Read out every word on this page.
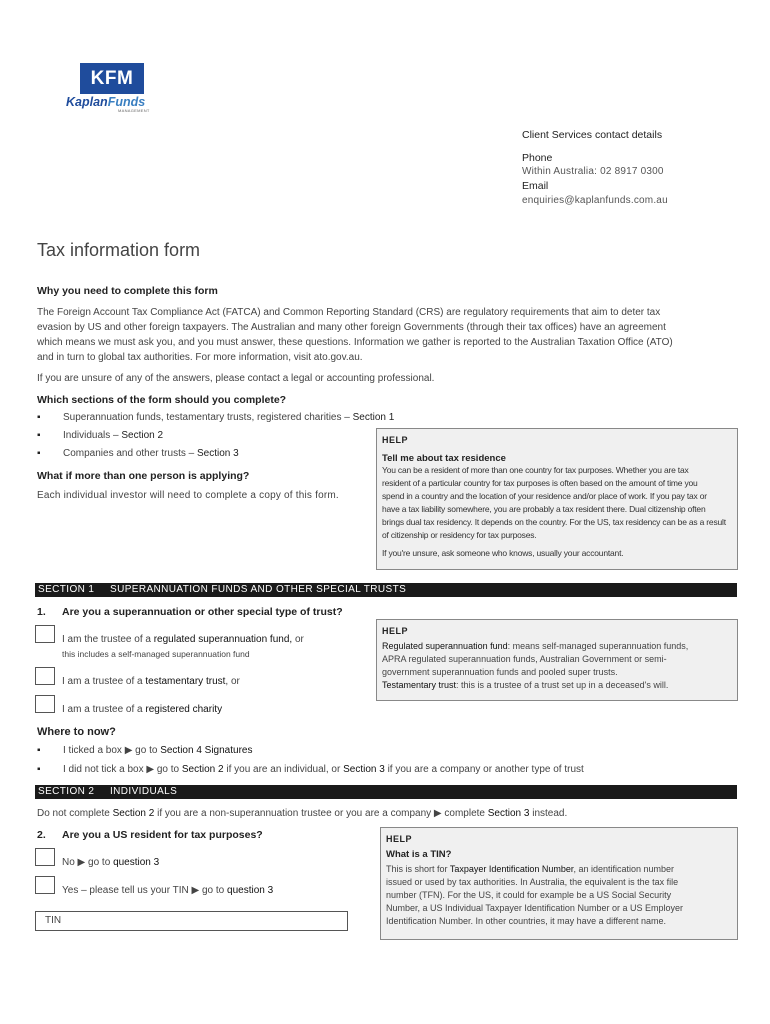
KFM
KaplanFunds
MANAGEMENT
Client Services contact details
Phone
Within Australia: 02 8917 0300
Email
enquiries@kaplanfunds.com.au
Tax information form
Why you need to complete this form
The Foreign Account Tax Compliance Act (FATCA) and Common Reporting Standard (CRS) are regulatory requirements that aim to deter tax
evasion by US and other foreign taxpayers. The Australian and many other foreign Governments (through their tax offices) have an agreement
which means we must ask you, and you must answer, these questions. Information we gather is reported to the Australian Taxation Office (ATO)
and in turn to global tax authorities. For more information, visit ato.gov.au.
If you are unsure of any of the answers, please contact a legal or accounting professional.
Which sections of the form should you complete?
▪ Superannuation funds, testamentary trusts, registered charities – Section 1
▪ Individuals – Section 2
▪ Companies and other trusts – Section 3
What if more than one person is applying?
Each individual investor will need to complete a copy of this form.
HELP
Tell me about tax residence
You can be a resident of more than one country for tax purposes. Whether you are tax
resident of a particular country for tax purposes is often based on the amount of time you
spend in a country and the location of your residence and/or place of work. If you pay tax or
have a tax liability somewhere, you are probably a tax resident there. Dual citizenship often
brings dual tax residency. It depends on the country. For the US, tax residency can be as a result
of citizenship or residency for tax purposes.
If you're unsure, ask someone who knows, usually your accountant.
SECTION 1 SUPERANNUATION FUNDS AND OTHER SPECIAL TRUSTS
1. Are you a superannuation or other special type of trust?
I am the trustee of a regulated superannuation fund, or
this includes a self-managed superannuation fund
I am a trustee of a testamentary trust, or
I am a trustee of a registered charity
HELP
Regulated superannuation fund: means self-managed superannuation funds,
APRA regulated superannuation funds, Australian Government or semi-
government superannuation funds and pooled super trusts.
Testamentary trust: this is a trustee of a trust set up in a deceased's will.
Where to now?
▪ I ticked a box ▶ go to Section 4 Signatures
▪ I did not tick a box ▶ go to Section 2 if you are an individual, or Section 3 if you are a company or another type of trust
SECTION 2 INDIVIDUALS
Do not complete Section 2 if you are a non-superannuation trustee or you are a company ▶ complete Section 3 instead.
2. Are you a US resident for tax purposes?
No ▶ go to question 3
Yes – please tell us your TIN ▶ go to question 3
TIN
HELP
What is a TIN?
This is short for Taxpayer Identification Number, an identification number
issued or used by tax authorities. In Australia, the equivalent is the tax file
number (TFN). For the US, it could for example be a US Social Security
Number, a US Individual Taxpayer Identification Number or a US Employer
Identification Number. In other countries, it may have a different name.
